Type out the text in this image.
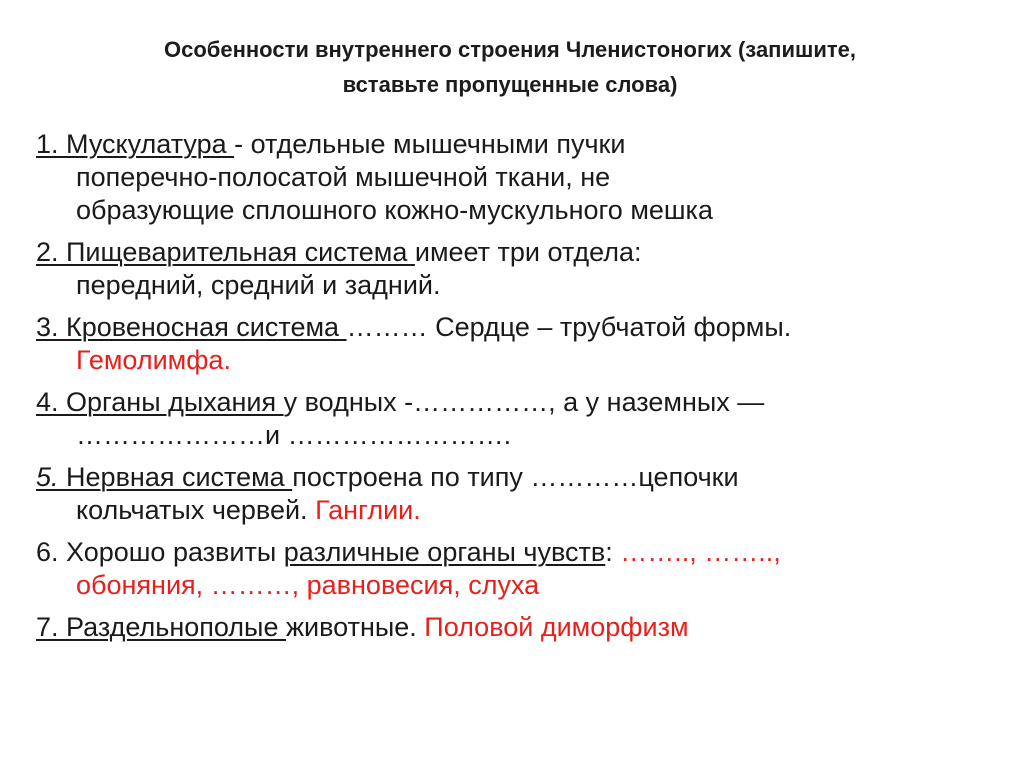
Особенности внутреннего строения Членистоногих (запишите,
вставьте пропущенные слова)
1. Мускулатура - отдельные мышечными пучки
поперечно-полосатой мышечной ткани, не
образующие сплошного кожно-мускульного мешка
2. Пищеварительная система имеет три отдела:
передний, средний и задний.
3. Кровеносная система ……… Сердце – трубчатой формы.
Гемолимфа.
4. Органы дыхания у водных -……………, а у наземных —
…………………и …………………….
5. Нервная система построена по типу …………цепочки
кольчатых червей. Ганглии.
6. Хорошо развиты различные органы чувств: …….., ……..,
обоняния, ………, равновесия, слуха
7. Раздельнополые животные. Половой диморфизм
